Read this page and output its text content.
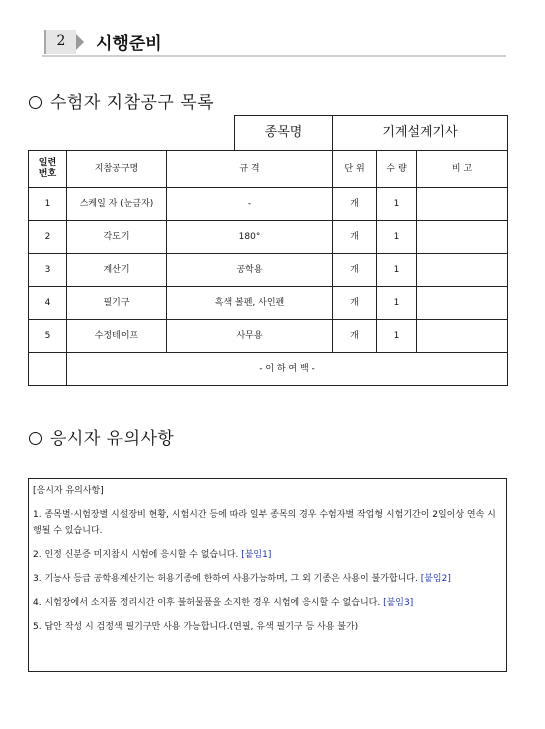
2	시행준비
수험자 지참공구 목록
			종목명	기계설계기사		
일련
번호	지참공구명	규 격		단 위	수 량	비 고
1	스케일 자 (눈금자)	-		개	1	
2	각도기	180°		개	1	
3	계산기	공학용		개	1	
4	필기구	흑색 볼펜, 사인펜		개	1	
5	수정테이프	사무용		개	1	
	- 이 하 여 백 -					
응시자 유의사항

[응시자 유의사항]

1. 종목별·시험장별 시설장비 현황, 시험시간 등에 따라 일부 종목의 경우 수험자별 작업형 시험기간이 2일이상 연속 시행될 수 있습니다.

2. 인정 신분증 미지참시 시험에 응시할 수 없습니다. [붙임1]

3. 기능사 등급 공학용계산기는 허용기종에 한하여 사용가능하며, 그 외 기종은 사용이 불가합니다. [붙임2]

4. 시험장에서 소지품 정리시간 이후 불허물품을 소지한 경우 시험에 응시할 수 없습니다. [붙임3]

5. 답안 작성 시 검정색 필기구만 사용 가능합니다.(연필, 유색 필기구 등 사용 불가)
